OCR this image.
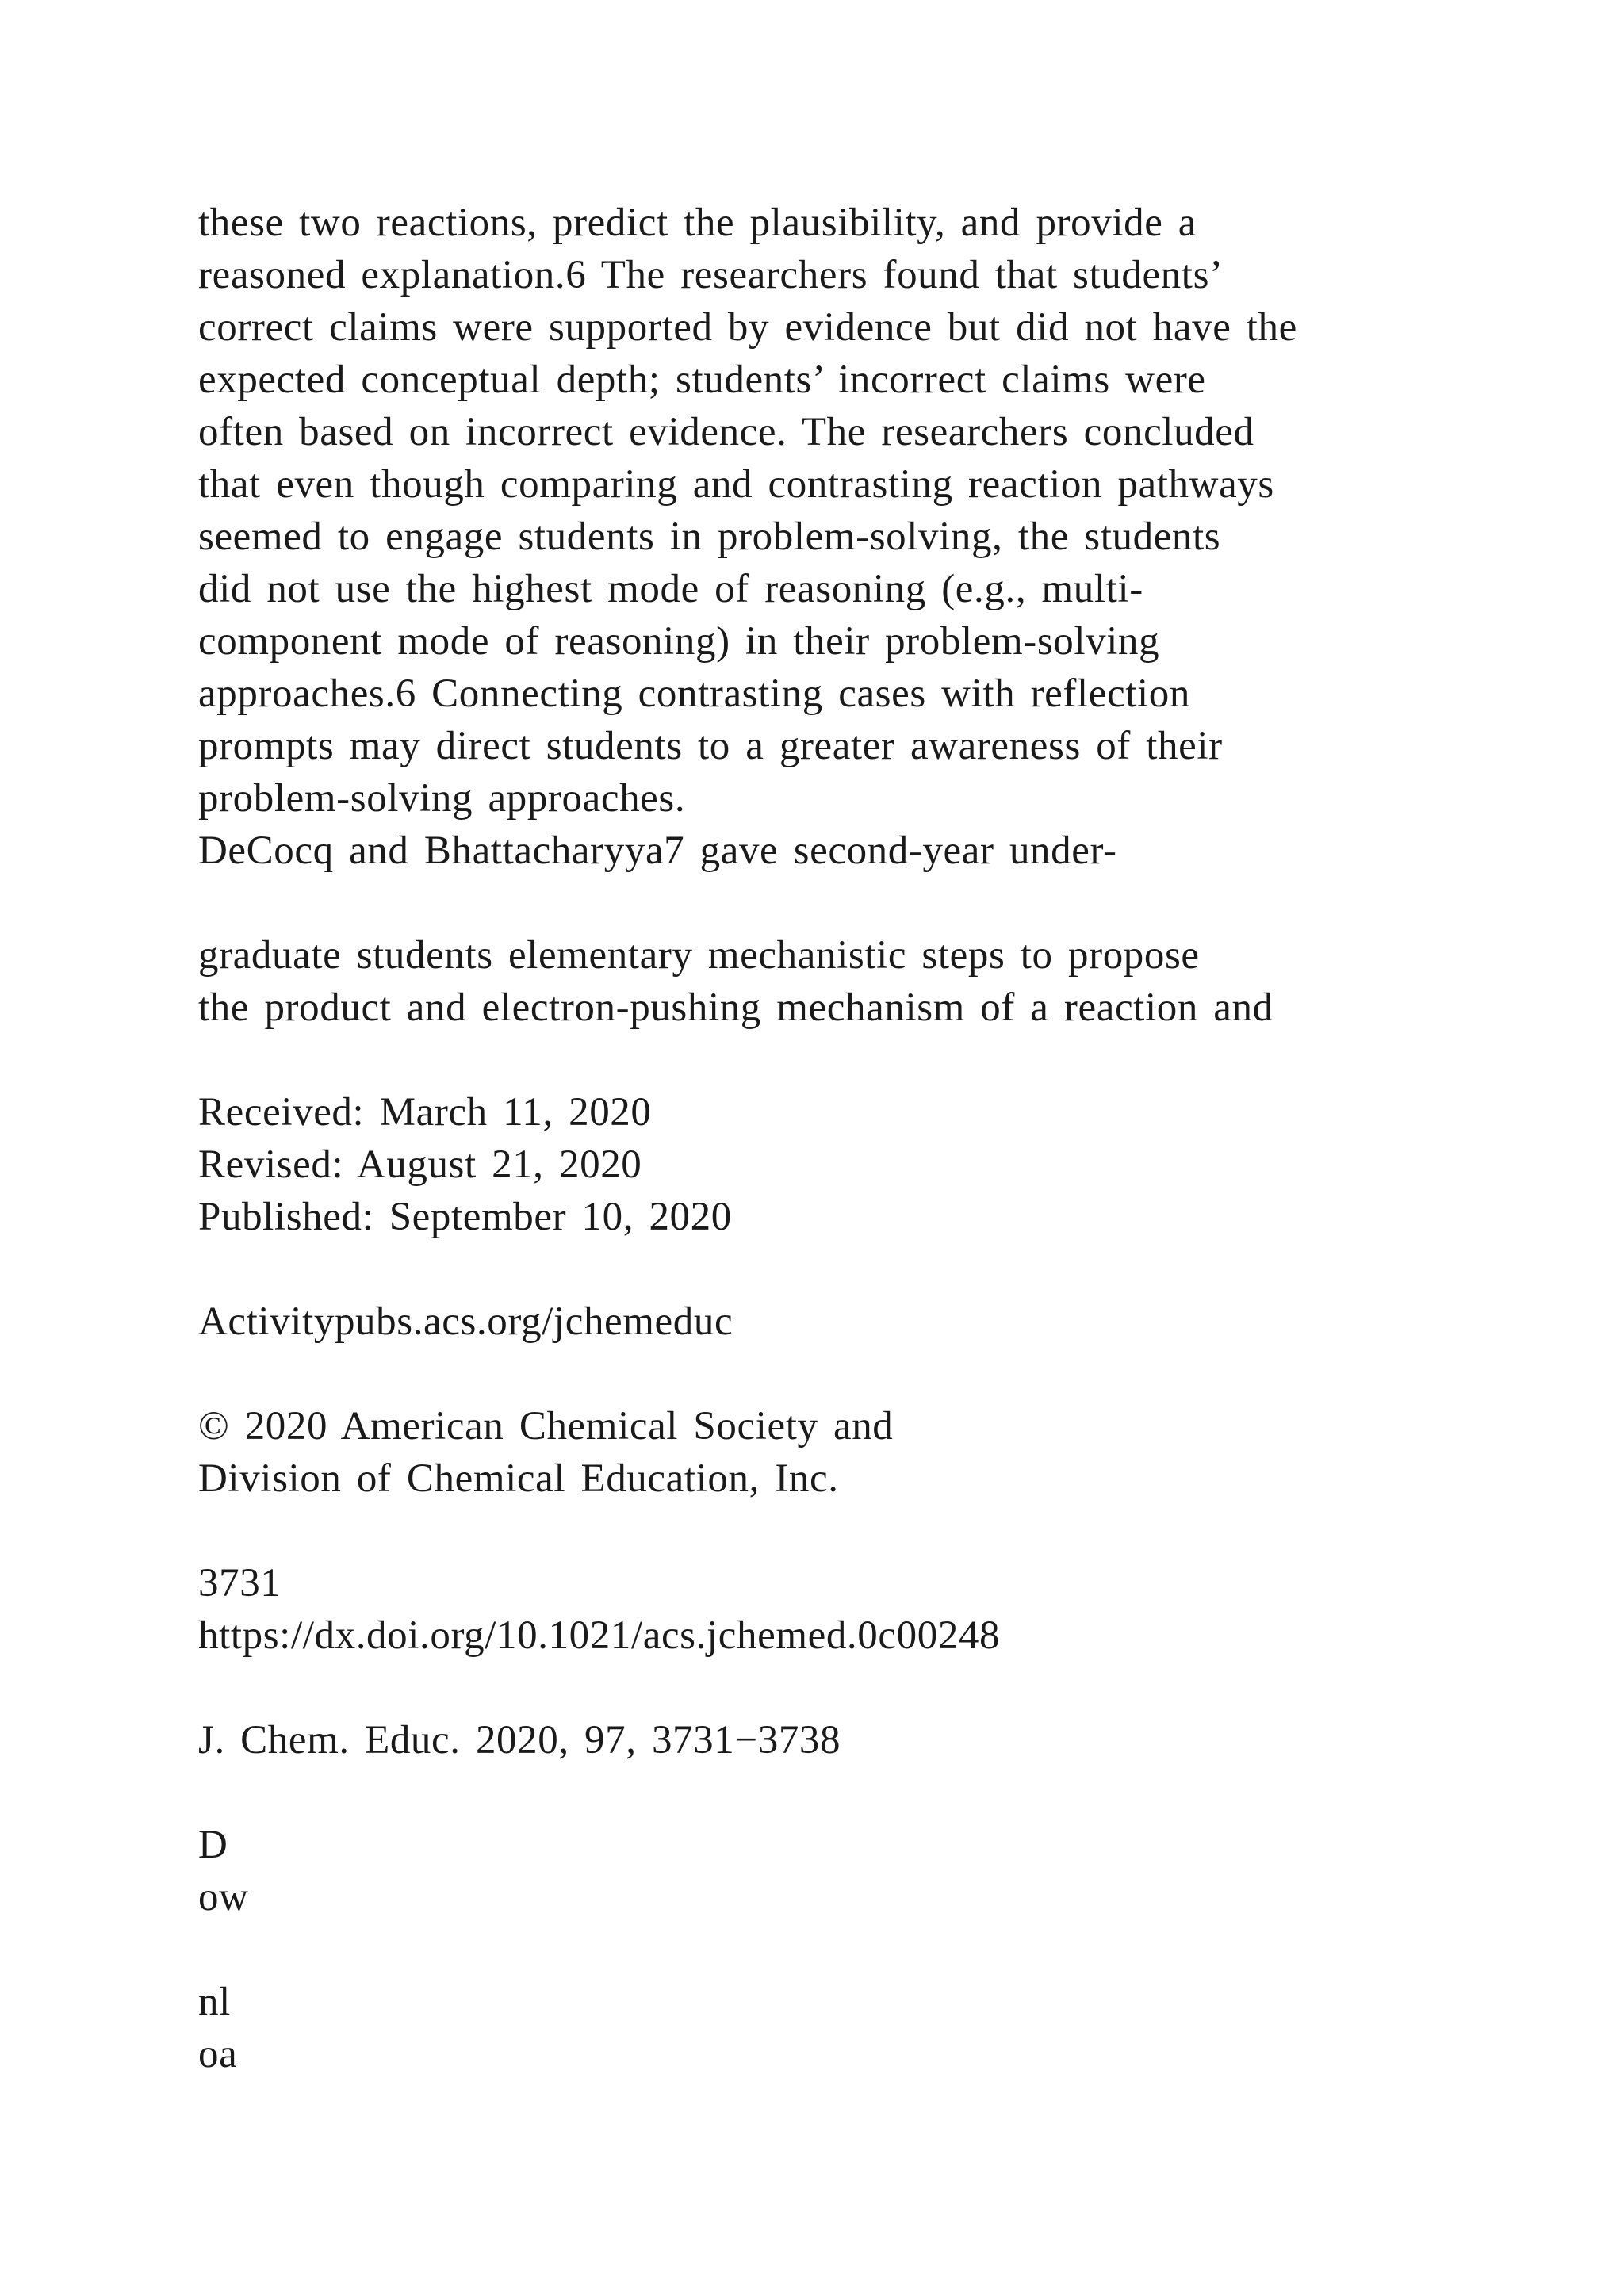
these two reactions, predict the plausibility, and provide a
reasoned explanation.6 The researchers found that students’
correct claims were supported by evidence but did not have the
expected conceptual depth; students’ incorrect claims were
often based on incorrect evidence. The researchers concluded
that even though comparing and contrasting reaction pathways
seemed to engage students in problem-solving, the students
did not use the highest mode of reasoning (e.g., multi-
component mode of reasoning) in their problem-solving
approaches.6 Connecting contrasting cases with reflection
prompts may direct students to a greater awareness of their
problem-solving approaches.
DeCocq and Bhattacharyya7 gave second-year under-
graduate students elementary mechanistic steps to propose
the product and electron-pushing mechanism of a reaction and
Received: March 11, 2020
Revised: August 21, 2020
Published: September 10, 2020
Activitypubs.acs.org/jchemeduc
© 2020 American Chemical Society and
Division of Chemical Education, Inc.
3731
https://dx.doi.org/10.1021/acs.jchemed.0c00248
J. Chem. Educ. 2020, 97, 3731−3738
D
ow
nl
oa
